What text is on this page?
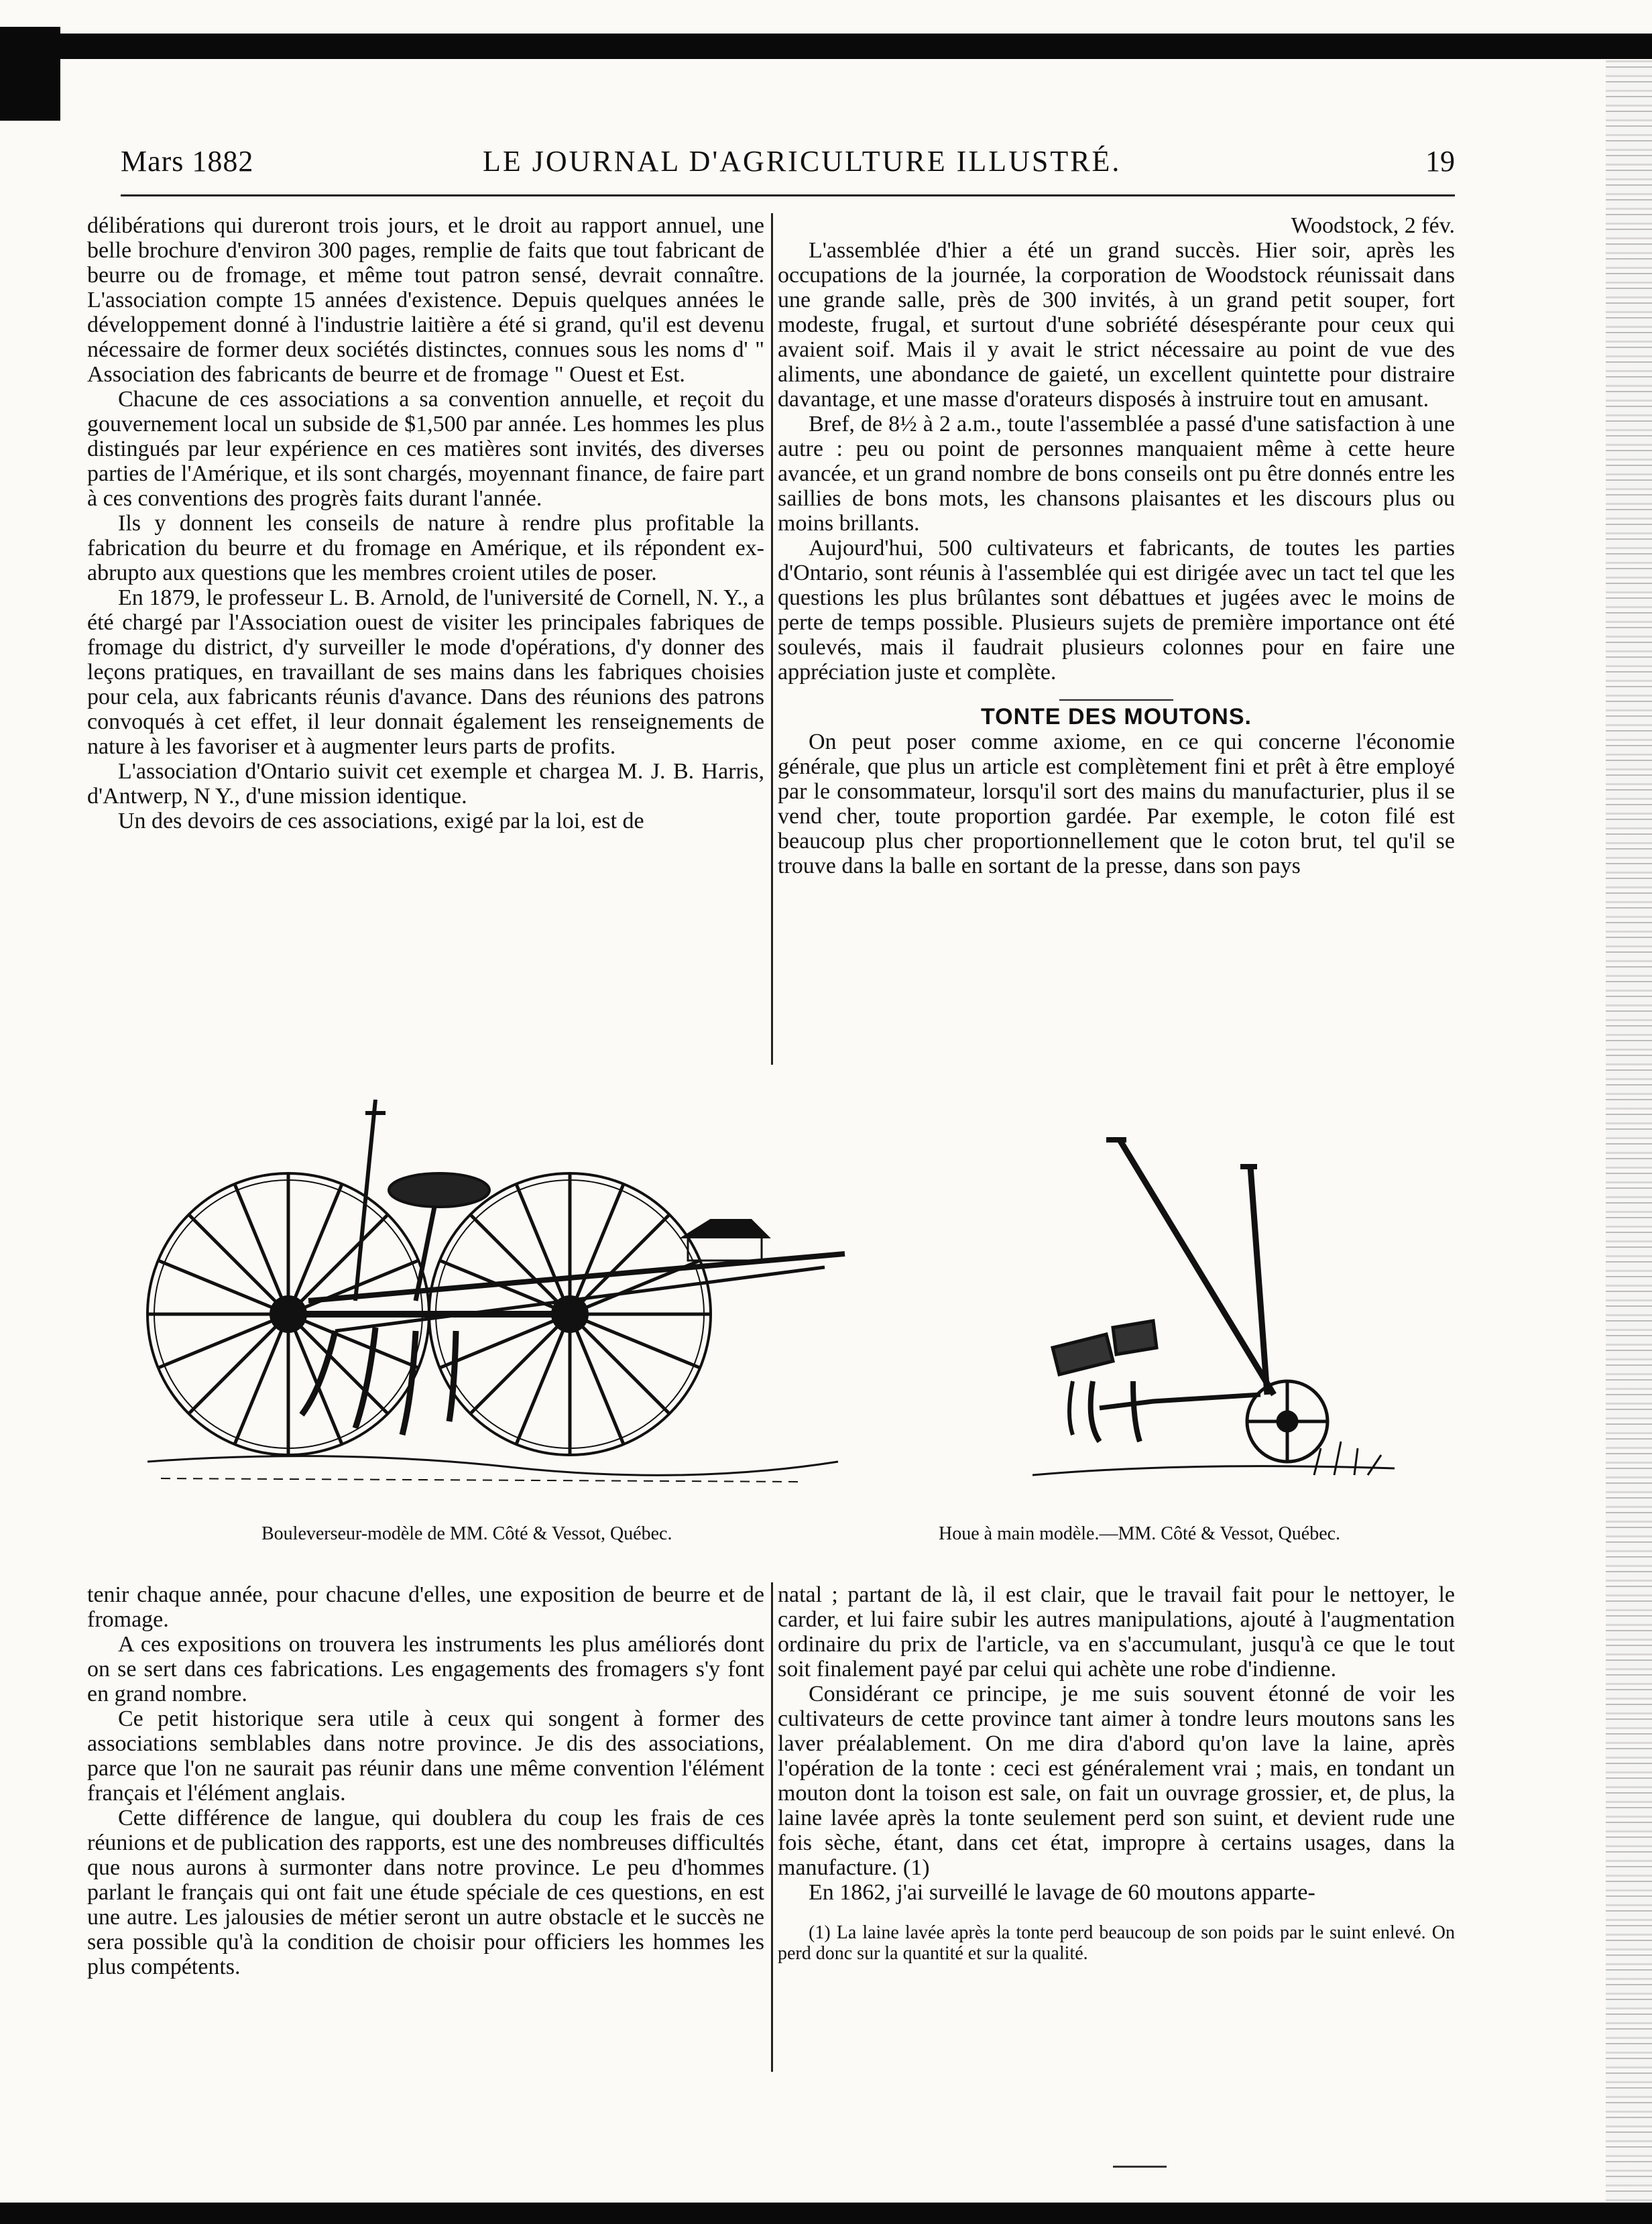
Mars 1882	LE JOURNAL D'AGRICULTURE ILLUSTRÉ.	19

délibérations qui dureront trois jours, et le droit au rapport annuel, une belle brochure d'environ 300 pages, remplie de faits que tout fabricant de beurre ou de fromage, et même tout patron sensé, devrait connaître. L'association compte 15 années d'existence. Depuis quelques années le développement donné à l'industrie laitière a été si grand, qu'il est devenu nécessaire de former deux sociétés distinctes, connues sous les noms d' " Association des fabricants de beurre et de fromage " Ouest et Est.

Chacune de ces associations a sa convention annuelle, et reçoit du gouvernement local un subside de $1,500 par année. Les hommes les plus distingués par leur expérience en ces matières sont invités, des diverses parties de l'Amérique, et ils sont chargés, moyennant finance, de faire part à ces conventions des progrès faits durant l'année.

Ils y donnent les conseils de nature à rendre plus profitable la fabrication du beurre et du fromage en Amérique, et ils répondent ex-abrupto aux questions que les membres croient utiles de poser.

En 1879, le professeur L. B. Arnold, de l'université de Cornell, N. Y., a été chargé par l'Association ouest de visiter les principales fabriques de fromage du district, d'y surveiller le mode d'opérations, d'y donner des leçons pratiques, en travaillant de ses mains dans les fabriques choisies pour cela, aux fabricants réunis d'avance. Dans des réunions des patrons convoqués à cet effet, il leur donnait également les renseignements de nature à les favoriser et à augmenter leurs parts de profits.

L'association d'Ontario suivit cet exemple et chargea M. J. B. Harris, d'Antwerp, N Y., d'une mission identique.

Un des devoirs de ces associations, exigé par la loi, est de

Woodstock, 2 fév.

L'assemblée d'hier a été un grand succès. Hier soir, après les occupations de la journée, la corporation de Woodstock réunissait dans une grande salle, près de 300 invités, à un grand petit souper, fort modeste, frugal, et surtout d'une sobriété désespérante pour ceux qui avaient soif. Mais il y avait le strict nécessaire au point de vue des aliments, une abondance de gaieté, un excellent quintette pour distraire davantage, et une masse d'orateurs disposés à instruire tout en amusant.

Bref, de 8½ à 2 a.m., toute l'assemblée a passé d'une satisfaction à une autre : peu ou point de personnes manquaient même à cette heure avancée, et un grand nombre de bons conseils ont pu être donnés entre les saillies de bons mots, les chansons plaisantes et les discours plus ou moins brillants.

Aujourd'hui, 500 cultivateurs et fabricants, de toutes les parties d'Ontario, sont réunis à l'assemblée qui est dirigée avec un tact tel que les questions les plus brûlantes sont débattues et jugées avec le moins de perte de temps possible. Plusieurs sujets de première importance ont été soulevés, mais il faudrait plusieurs colonnes pour en faire une appréciation juste et complète.

TONTE DES MOUTONS.

On peut poser comme axiome, en ce qui concerne l'économie générale, que plus un article est complètement fini et prêt à être employé par le consommateur, lorsqu'il sort des mains du manufacturier, plus il se vend cher, toute proportion gardée. Par exemple, le coton filé est beaucoup plus cher proportionnellement que le coton brut, tel qu'il se trouve dans la balle en sortant de la presse, dans son pays

Bouleverseur-modèle de MM. Côté & Vessot, Québec.	Houe à main modèle.—MM. Côté & Vessot, Québec.

tenir chaque année, pour chacune d'elles, une exposition de beurre et de fromage.

A ces expositions on trouvera les instruments les plus améliorés dont on se sert dans ces fabrications. Les engagements des fromagers s'y font en grand nombre.

Ce petit historique sera utile à ceux qui songent à former des associations semblables dans notre province. Je dis des associations, parce que l'on ne saurait pas réunir dans une même convention l'élément français et l'élément anglais.

Cette différence de langue, qui doublera du coup les frais de ces réunions et de publication des rapports, est une des nombreuses difficultés que nous aurons à surmonter dans notre province. Le peu d'hommes parlant le français qui ont fait une étude spéciale de ces questions, en est une autre. Les jalousies de métier seront un autre obstacle et le succès ne sera possible qu'à la condition de choisir pour officiers les hommes les plus compétents.

natal ; partant de là, il est clair, que le travail fait pour le nettoyer, le carder, et lui faire subir les autres manipulations, ajouté à l'augmentation ordinaire du prix de l'article, va en s'accumulant, jusqu'à ce que le tout soit finalement payé par celui qui achète une robe d'indienne.

Considérant ce principe, je me suis souvent étonné de voir les cultivateurs de cette province tant aimer à tondre leurs moutons sans les laver préalablement. On me dira d'abord qu'on lave la laine, après l'opération de la tonte : ceci est généralement vrai ; mais, en tondant un mouton dont la toison est sale, on fait un ouvrage grossier, et, de plus, la laine lavée après la tonte seulement perd son suint, et devient rude une fois sèche, étant, dans cet état, impropre à certains usages, dans la manufacture. (1)

En 1862, j'ai surveillé le lavage de 60 moutons apparte-

(1) La laine lavée après la tonte perd beaucoup de son poids par le suint enlevé. On perd donc sur la quantité et sur la qualité.
